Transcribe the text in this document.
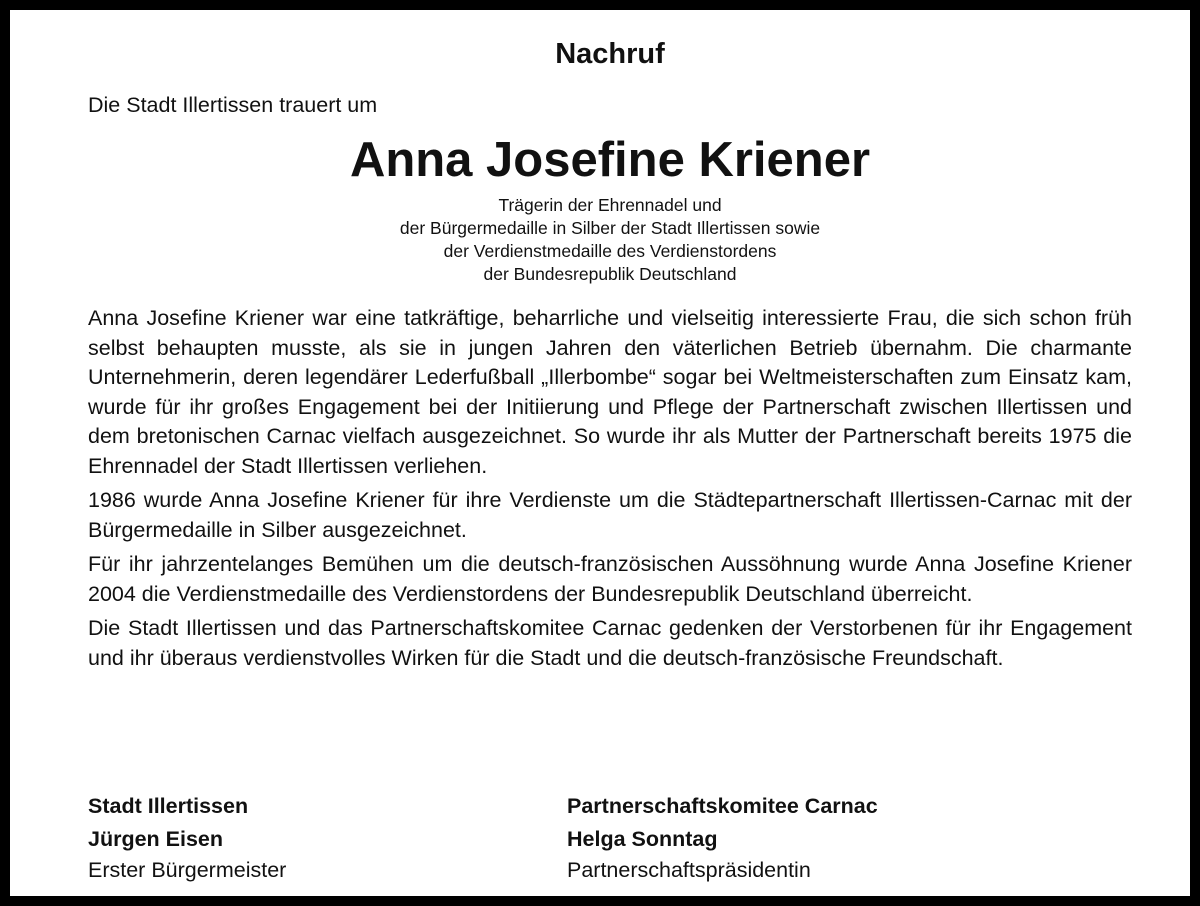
Nachruf

Die Stadt Illertissen trauert um

Anna Josefine Kriener
Trägerin der Ehrennadel und
der Bürgermedaille in Silber der Stadt Illertissen sowie
der Verdienstmedaille des Verdienstordens
der Bundesrepublik Deutschland

Anna Josefine Kriener war eine tatkräftige, beharrliche und vielseitig interessierte Frau, die sich schon früh selbst behaupten musste, als sie in jungen Jahren den väterlichen Betrieb übernahm. Die charmante Unternehmerin, deren legendärer Lederfußball „Illerbombe“ sogar bei Weltmeisterschaften zum Einsatz kam, wurde für ihr großes Engagement bei der Initiierung und Pflege der Partnerschaft zwischen Illertissen und dem bretonischen Carnac vielfach ausgezeichnet. So wurde ihr als Mutter der Partnerschaft bereits 1975 die Ehrennadel der Stadt Illertissen verliehen.

1986 wurde Anna Josefine Kriener für ihre Verdienste um die Städtepartnerschaft Illertissen-Carnac mit der Bürgermedaille in Silber ausgezeichnet.

Für ihr jahrzentelanges Bemühen um die deutsch-französischen Aussöhnung wurde Anna Josefine Kriener 2004 die Verdienstmedaille des Verdienstordens der Bundesrepublik Deutschland überreicht.

Die Stadt Illertissen und das Partnerschaftskomitee Carnac gedenken der Verstorbenen für ihr Engagement und ihr überaus verdienstvolles Wirken für die Stadt und die deutsch-französische Freundschaft.

Stadt Illertissen
Jürgen Eisen
Erster Bürgermeister
Partnerschaftskomitee Carnac
Helga Sonntag
Partnerschaftspräsidentin
